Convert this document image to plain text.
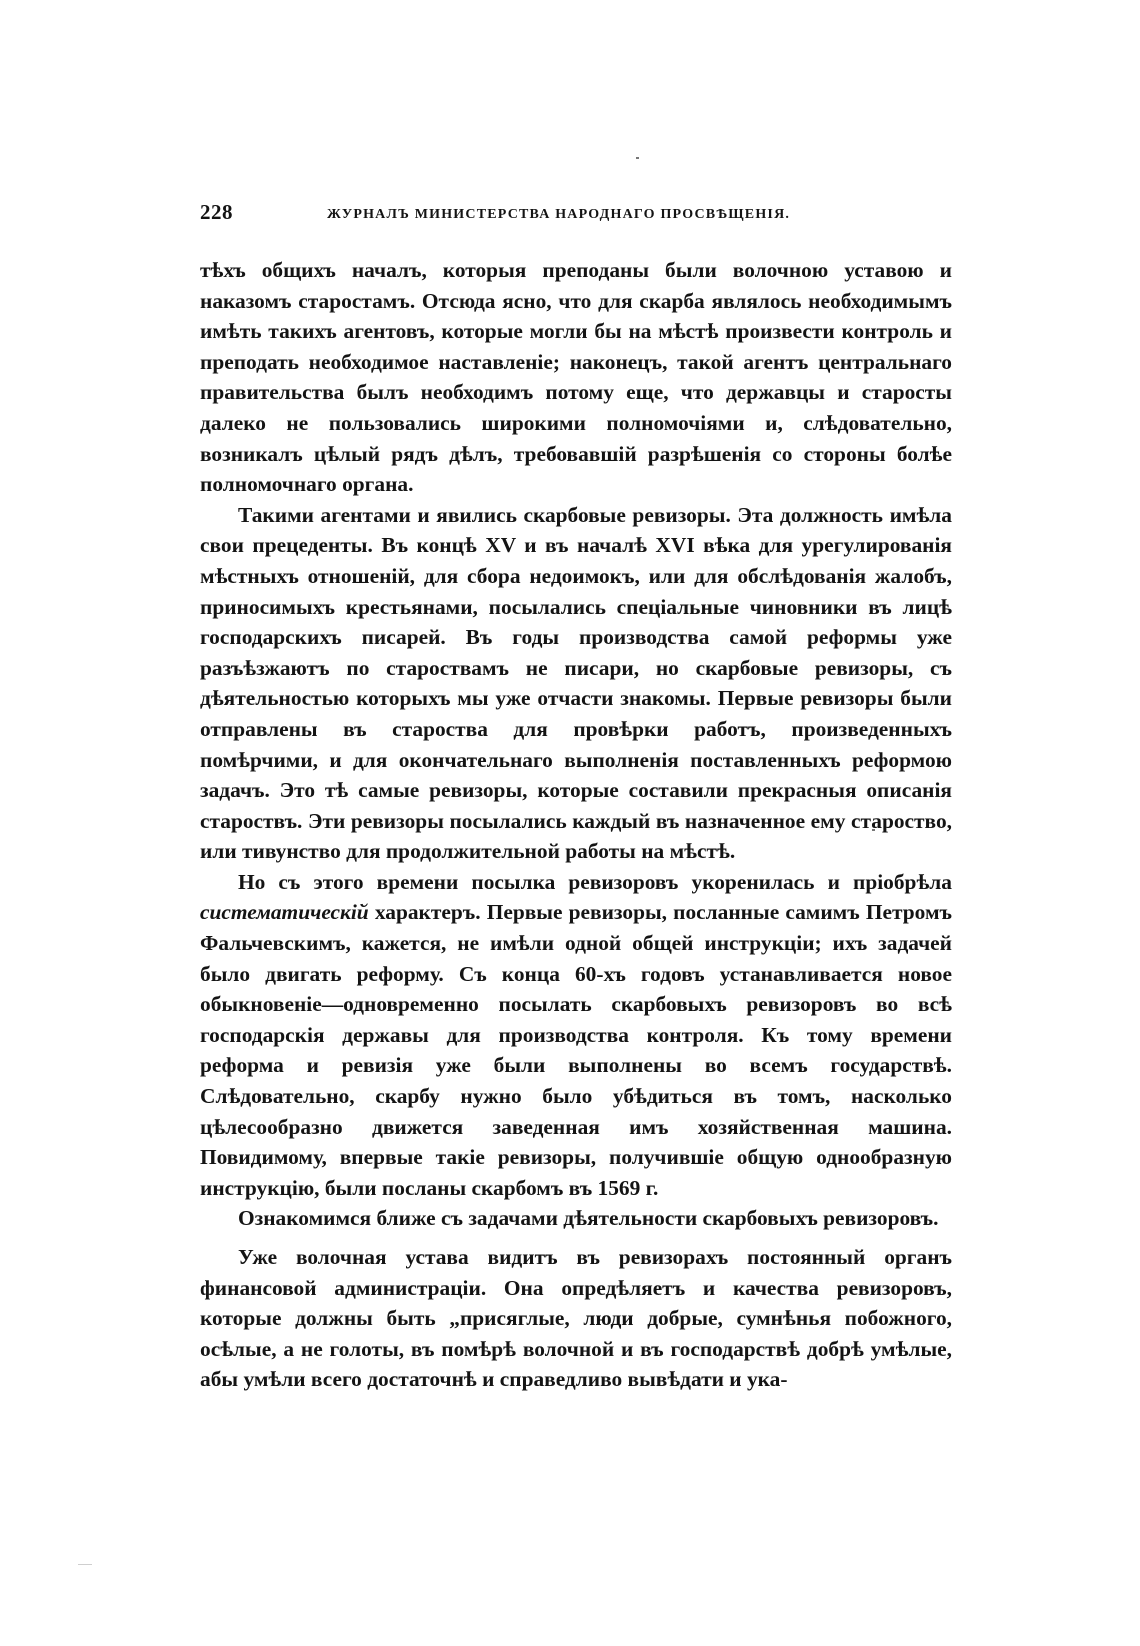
228	ЖУРНАЛЪ МИНИСТЕРСТВА НАРОДНАГО ПРОСВѢЩЕНІЯ.

тѣхъ общихъ началъ, которыя преподаны были волочною уставою и наказомъ старостамъ. Отсюда ясно, что для скарба являлось необходимымъ имѣть такихъ агентовъ, которые могли бы на мѣстѣ произвести контроль и преподать необходимое наставленіе; наконецъ, такой агентъ центральнаго правительства былъ необходимъ потому еще, что державцы и старосты далеко не пользовались широкими полномочіями и, слѣдовательно, возникалъ цѣлый рядъ дѣлъ, требовавшій разрѣшенія со стороны болѣе полномочнаго органа.

Такими агентами и явились скарбовые ревизоры. Эта должность имѣла свои прецеденты. Въ концѣ XV и въ началѣ XVI вѣка для урегулированія мѣстныхъ отношеній, для сбора недоимокъ, или для обслѣдованія жалобъ, приносимыхъ крестьянами, посылались спеціальные чиновники въ лицѣ господарскихъ писарей. Въ годы производства самой реформы уже разъѣзжаютъ по староствамъ не писари, но скарбовые ревизоры, съ дѣятельностью которыхъ мы уже отчасти знакомы. Первые ревизоры были отправлены въ староства для провѣрки работъ, произведенныхъ помѣрчими, и для окончательнаго выполненія поставленныхъ реформою задачъ. Это тѣ самые ревизоры, которые составили прекрасныя описанія староствъ. Эти ревизоры посылались каждый въ назначенное ему староство, или тивунство для продолжительной работы на мѣстѣ.

Но съ этого времени посылка ревизоровъ укоренилась и пріобрѣла систематическій характеръ. Первые ревизоры, посланные самимъ Петромъ Фальчевскимъ, кажется, не имѣли одной общей инструкціи; ихъ задачей было двигать реформу. Съ конца 60-хъ годовъ устанавливается новое обыкновеніе—одновременно посылать скарбовыхъ ревизоровъ во всѣ господарскія державы для производства контроля. Къ тому времени реформа и ревизія уже были выполнены во всемъ государствѣ. Слѣдовательно, скарбу нужно было убѣдиться въ томъ, насколько цѣлесообразно движется заведенная имъ хозяйственная машина. Повидимому, впервые такіе ревизоры, получившіе общую однообразную инструкцію, были посланы скарбомъ въ 1569 г.

Ознакомимся ближе съ задачами дѣятельности скарбовыхъ ревизоровъ.

Уже волочная устава видитъ въ ревизорахъ постоянный органъ финансовой администраціи. Она опредѣляетъ и качества ревизоровъ, которые должны быть „присяглые, люди добрые, сумнѣнья побожного, осѣлые, а не голоты, въ помѣрѣ волочной и въ господарствѣ добрѣ умѣлые, абы умѣли всего достаточнѣ и справедливо вывѣдати и ука-
